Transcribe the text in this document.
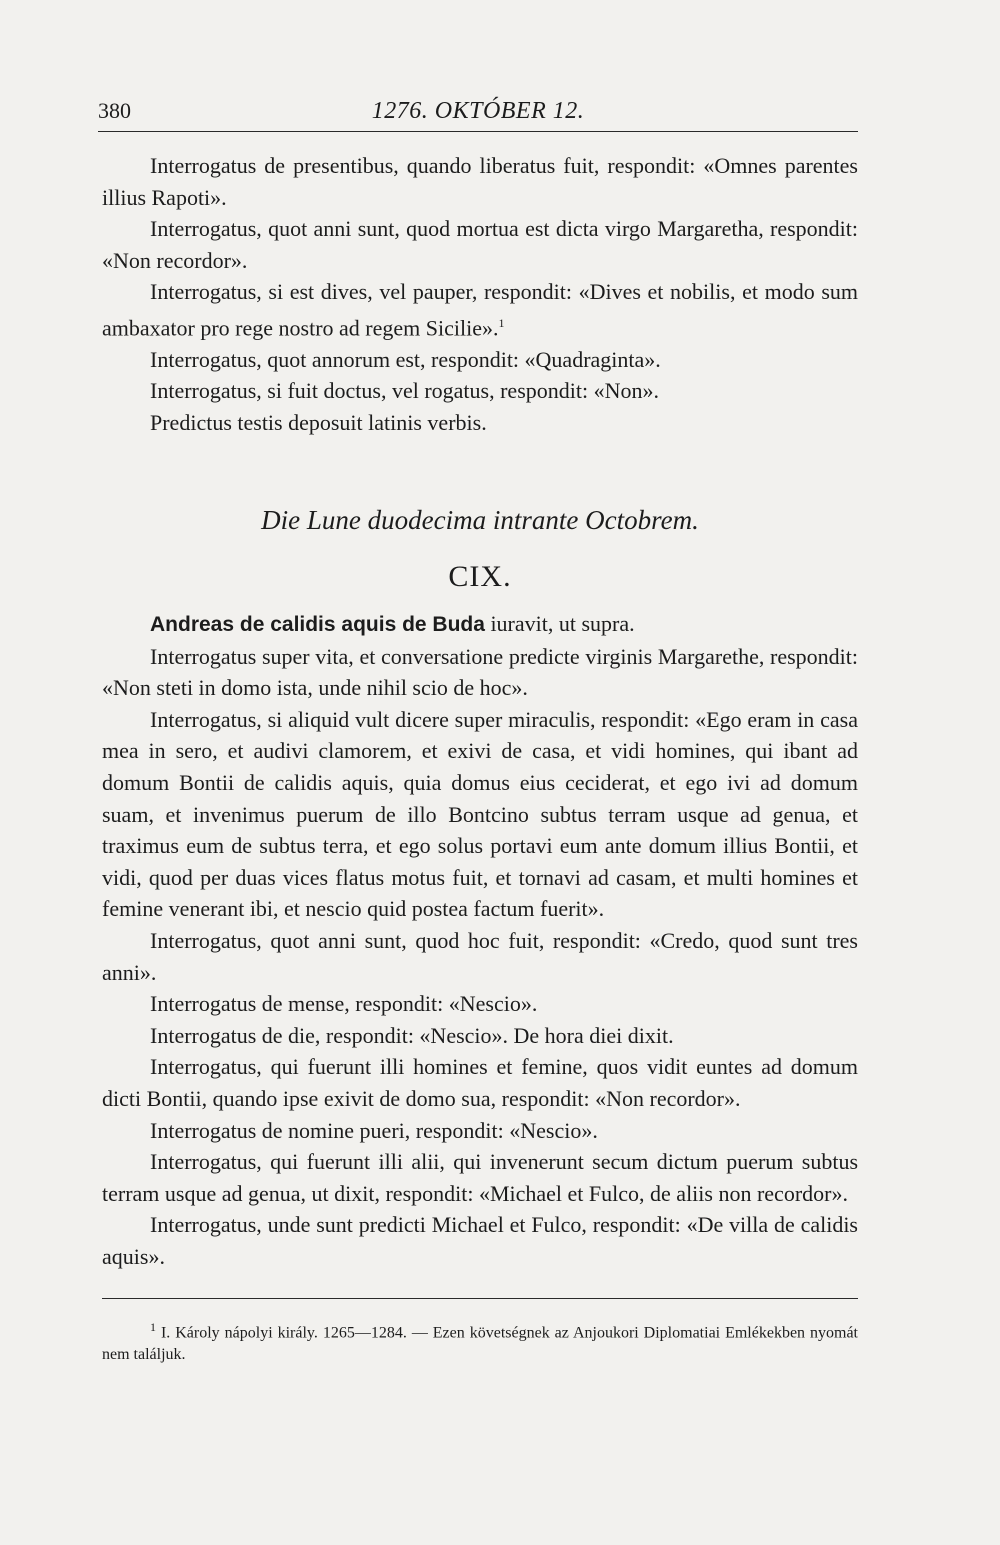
380	1276. OKTÓBER 12.

Interrogatus de presentibus, quando liberatus fuit, respondit: «Omnes parentes illius Rapoti».

Interrogatus, quot anni sunt, quod mortua est dicta virgo Margaretha, respondit: «Non recordor».

Interrogatus, si est dives, vel pauper, respondit: «Dives et nobilis, et modo sum ambaxator pro rege nostro ad regem Sicilie».$^1$

Interrogatus, quot annorum est, respondit: «Quadraginta».

Interrogatus, si fuit doctus, vel rogatus, respondit: «Non».

Predictus testis deposuit latinis verbis.

Die Lune duodecima intrante Octobrem.
CIX.

Andreas de calidis aquis de Buda iuravit, ut supra.

Interrogatus super vita, et conversatione predicte virginis Margarethe, respondit: «Non steti in domo ista, unde nihil scio de hoc».

Interrogatus, si aliquid vult dicere super miraculis, respondit: «Ego eram in casa mea in sero, et audivi clamorem, et exivi de casa, et vidi homines, qui ibant ad domum Bontii de calidis aquis, quia domus eius ceciderat, et ego ivi ad domum suam, et invenimus puerum de illo Bontcino subtus terram usque ad genua, et traximus eum de subtus terra, et ego solus portavi eum ante domum illius Bontii, et vidi, quod per duas vices flatus motus fuit, et tornavi ad casam, et multi homines et femine venerant ibi, et nescio quid postea factum fuerit».

Interrogatus, quot anni sunt, quod hoc fuit, respondit: «Credo, quod sunt tres anni».

Interrogatus de mense, respondit: «Nescio».

Interrogatus de die, respondit: «Nescio». De hora diei dixit.

Interrogatus, qui fuerunt illi homines et femine, quos vidit euntes ad domum dicti Bontii, quando ipse exivit de domo sua, respondit: «Non recordor».

Interrogatus de nomine pueri, respondit: «Nescio».

Interrogatus, qui fuerunt illi alii, qui invenerunt secum dictum puerum subtus terram usque ad genua, ut dixit, respondit: «Michael et Fulco, de aliis non recordor».

Interrogatus, unde sunt predicti Michael et Fulco, respondit: «De villa de calidis aquis».

$^1$ I. Károly nápolyi király. 1265—1284. — Ezen követségnek az Anjoukori Diplomatiai Emlékekben nyomát nem találjuk.
